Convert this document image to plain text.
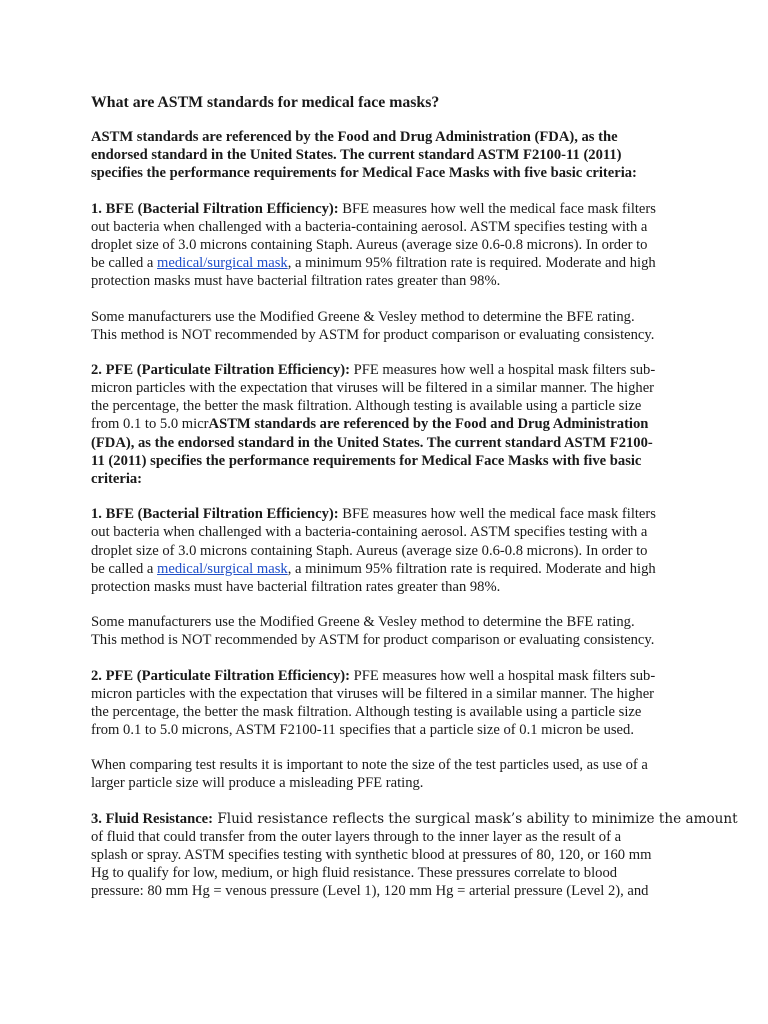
What are ASTM standards for medical face masks?
ASTM standards are referenced by the Food and Drug Administration (FDA), as the
endorsed standard in the United States. The current standard ASTM F2100-11 (2011)
specifies the performance requirements for Medical Face Masks with five basic criteria:
1. BFE (Bacterial Filtration Efficiency): BFE measures how well the medical face mask filters
out bacteria when challenged with a bacteria-containing aerosol. ASTM specifies testing with a
droplet size of 3.0 microns containing Staph. Aureus (average size 0.6-0.8 microns). In order to
be called a medical/surgical mask, a minimum 95% filtration rate is required. Moderate and high
protection masks must have bacterial filtration rates greater than 98%.
Some manufacturers use the Modified Greene & Vesley method to determine the BFE rating.
This method is NOT recommended by ASTM for product comparison or evaluating consistency.
2. PFE (Particulate Filtration Efficiency): PFE measures how well a hospital mask filters sub-
micron particles with the expectation that viruses will be filtered in a similar manner. The higher
the percentage, the better the mask filtration. Although testing is available using a particle size
from 0.1 to 5.0 micrASTM standards are referenced by the Food and Drug Administration
(FDA), as the endorsed standard in the United States. The current standard ASTM F2100-
11 (2011) specifies the performance requirements for Medical Face Masks with five basic
criteria:
1. BFE (Bacterial Filtration Efficiency): BFE measures how well the medical face mask filters
out bacteria when challenged with a bacteria-containing aerosol. ASTM specifies testing with a
droplet size of 3.0 microns containing Staph. Aureus (average size 0.6-0.8 microns). In order to
be called a medical/surgical mask, a minimum 95% filtration rate is required. Moderate and high
protection masks must have bacterial filtration rates greater than 98%.
Some manufacturers use the Modified Greene & Vesley method to determine the BFE rating.
This method is NOT recommended by ASTM for product comparison or evaluating consistency.
2. PFE (Particulate Filtration Efficiency): PFE measures how well a hospital mask filters sub-
micron particles with the expectation that viruses will be filtered in a similar manner. The higher
the percentage, the better the mask filtration. Although testing is available using a particle size
from 0.1 to 5.0 microns, ASTM F2100-11 specifies that a particle size of 0.1 micron be used.
When comparing test results it is important to note the size of the test particles used, as use of a
larger particle size will produce a misleading PFE rating.
3. Fluid Resistance: Fluid resistance reflects the surgical mask’s ability to minimize the amount
of fluid that could transfer from the outer layers through to the inner layer as the result of a
splash or spray. ASTM specifies testing with synthetic blood at pressures of 80, 120, or 160 mm
Hg to qualify for low, medium, or high fluid resistance. These pressures correlate to blood
pressure: 80 mm Hg = venous pressure (Level 1), 120 mm Hg = arterial pressure (Level 2), and
